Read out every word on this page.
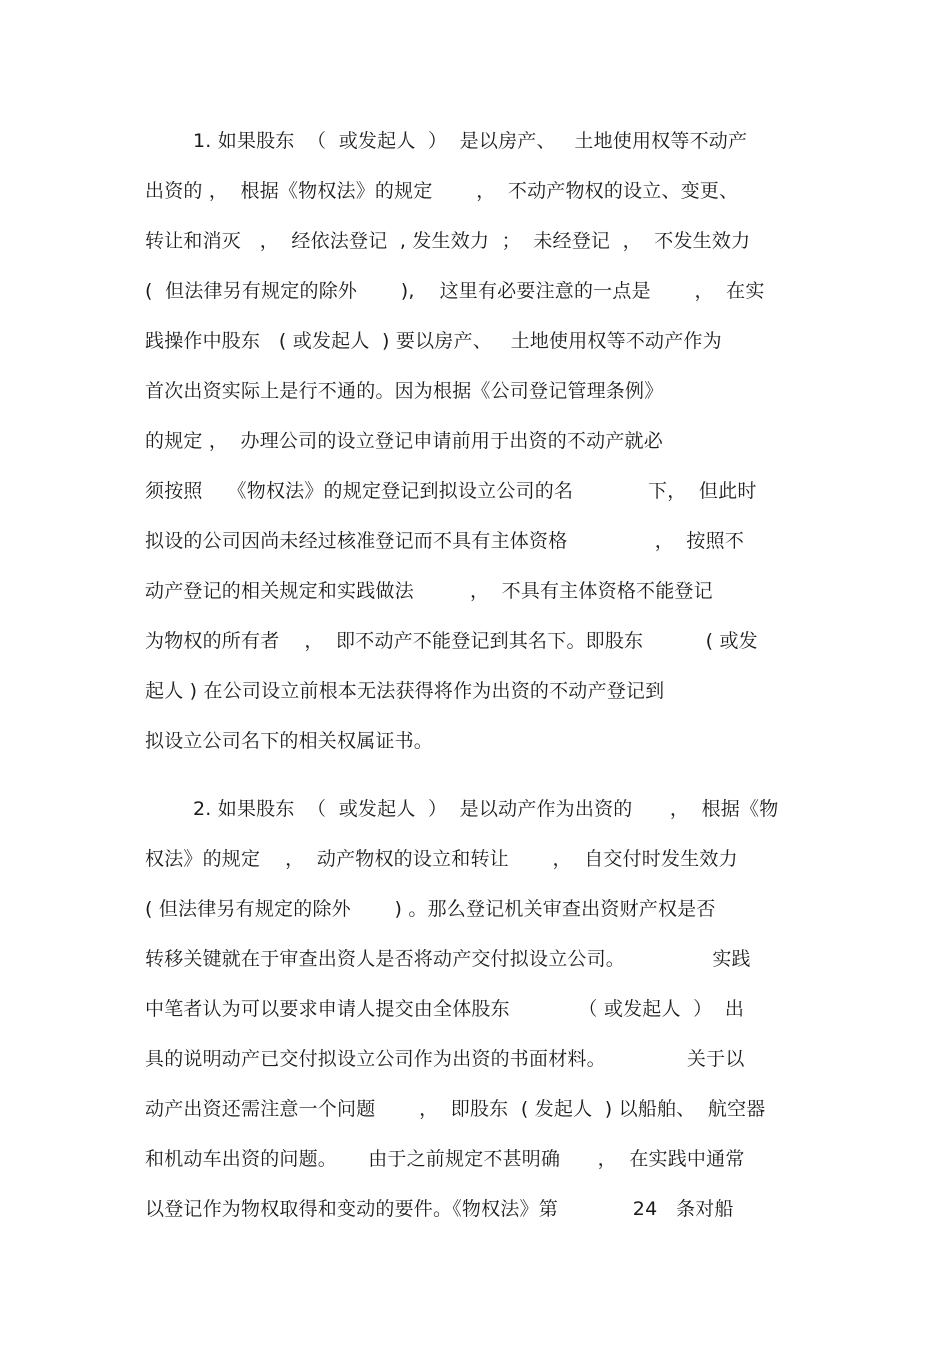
1. 如果股东  （  或发起人  ）  是以房产、   土地使用权等不动产
出资的 ，  根据《物权法》的规定       ，  不动产物权的设立、变更、
转让和消灭   ，  经依法登记  , 发生效力  ；  未经登记  ，  不发生效力
(  但法律另有规定的除外       ),    这里有必要注意的一点是       ，  在实
践操作中股东   ( 或发起人  ) 要以房产、   土地使用权等不动产作为
首次出资实际上是行不通的。因为根据《公司登记管理条例》
的规定 ，  办理公司的设立登记申请前用于出资的不动产就必
须按照    《物权法》的规定登记到拟设立公司的名            下，  但此时
拟设的公司因尚未经过核准登记而不具有主体资格              ，  按照不
动产登记的相关规定和实践做法         ，  不具有主体资格不能登记
为物权的所有者    ，  即不动产不能登记到其名下。即股东          ( 或发
起人 ) 在公司设立前根本无法获得将作为出资的不动产登记到
拟设立公司名下的相关权属证书。
2. 如果股东  （  或发起人  ）  是以动产作为出资的      ，  根据《物
权法》的规定    ，  动产物权的设立和转让       ，  自交付时发生效力
( 但法律另有规定的除外       ) 。那么登记机关审查出资财产权是否
转移关键就在于审查出资人是否将动产交付拟设立公司。              实践
中笔者认为可以要求申请人提交由全体股东           （ 或发起人  ）  出
具的说明动产已交付拟设立公司作为出资的书面材料。             关于以
动产出资还需注意一个问题       ，  即股东  ( 发起人  ) 以船舶、  航空器
和机动车出资的问题。     由于之前规定不甚明确      ，  在实践中通常
以登记作为物权取得和变动的要件。《物权法》第            24   条对船
